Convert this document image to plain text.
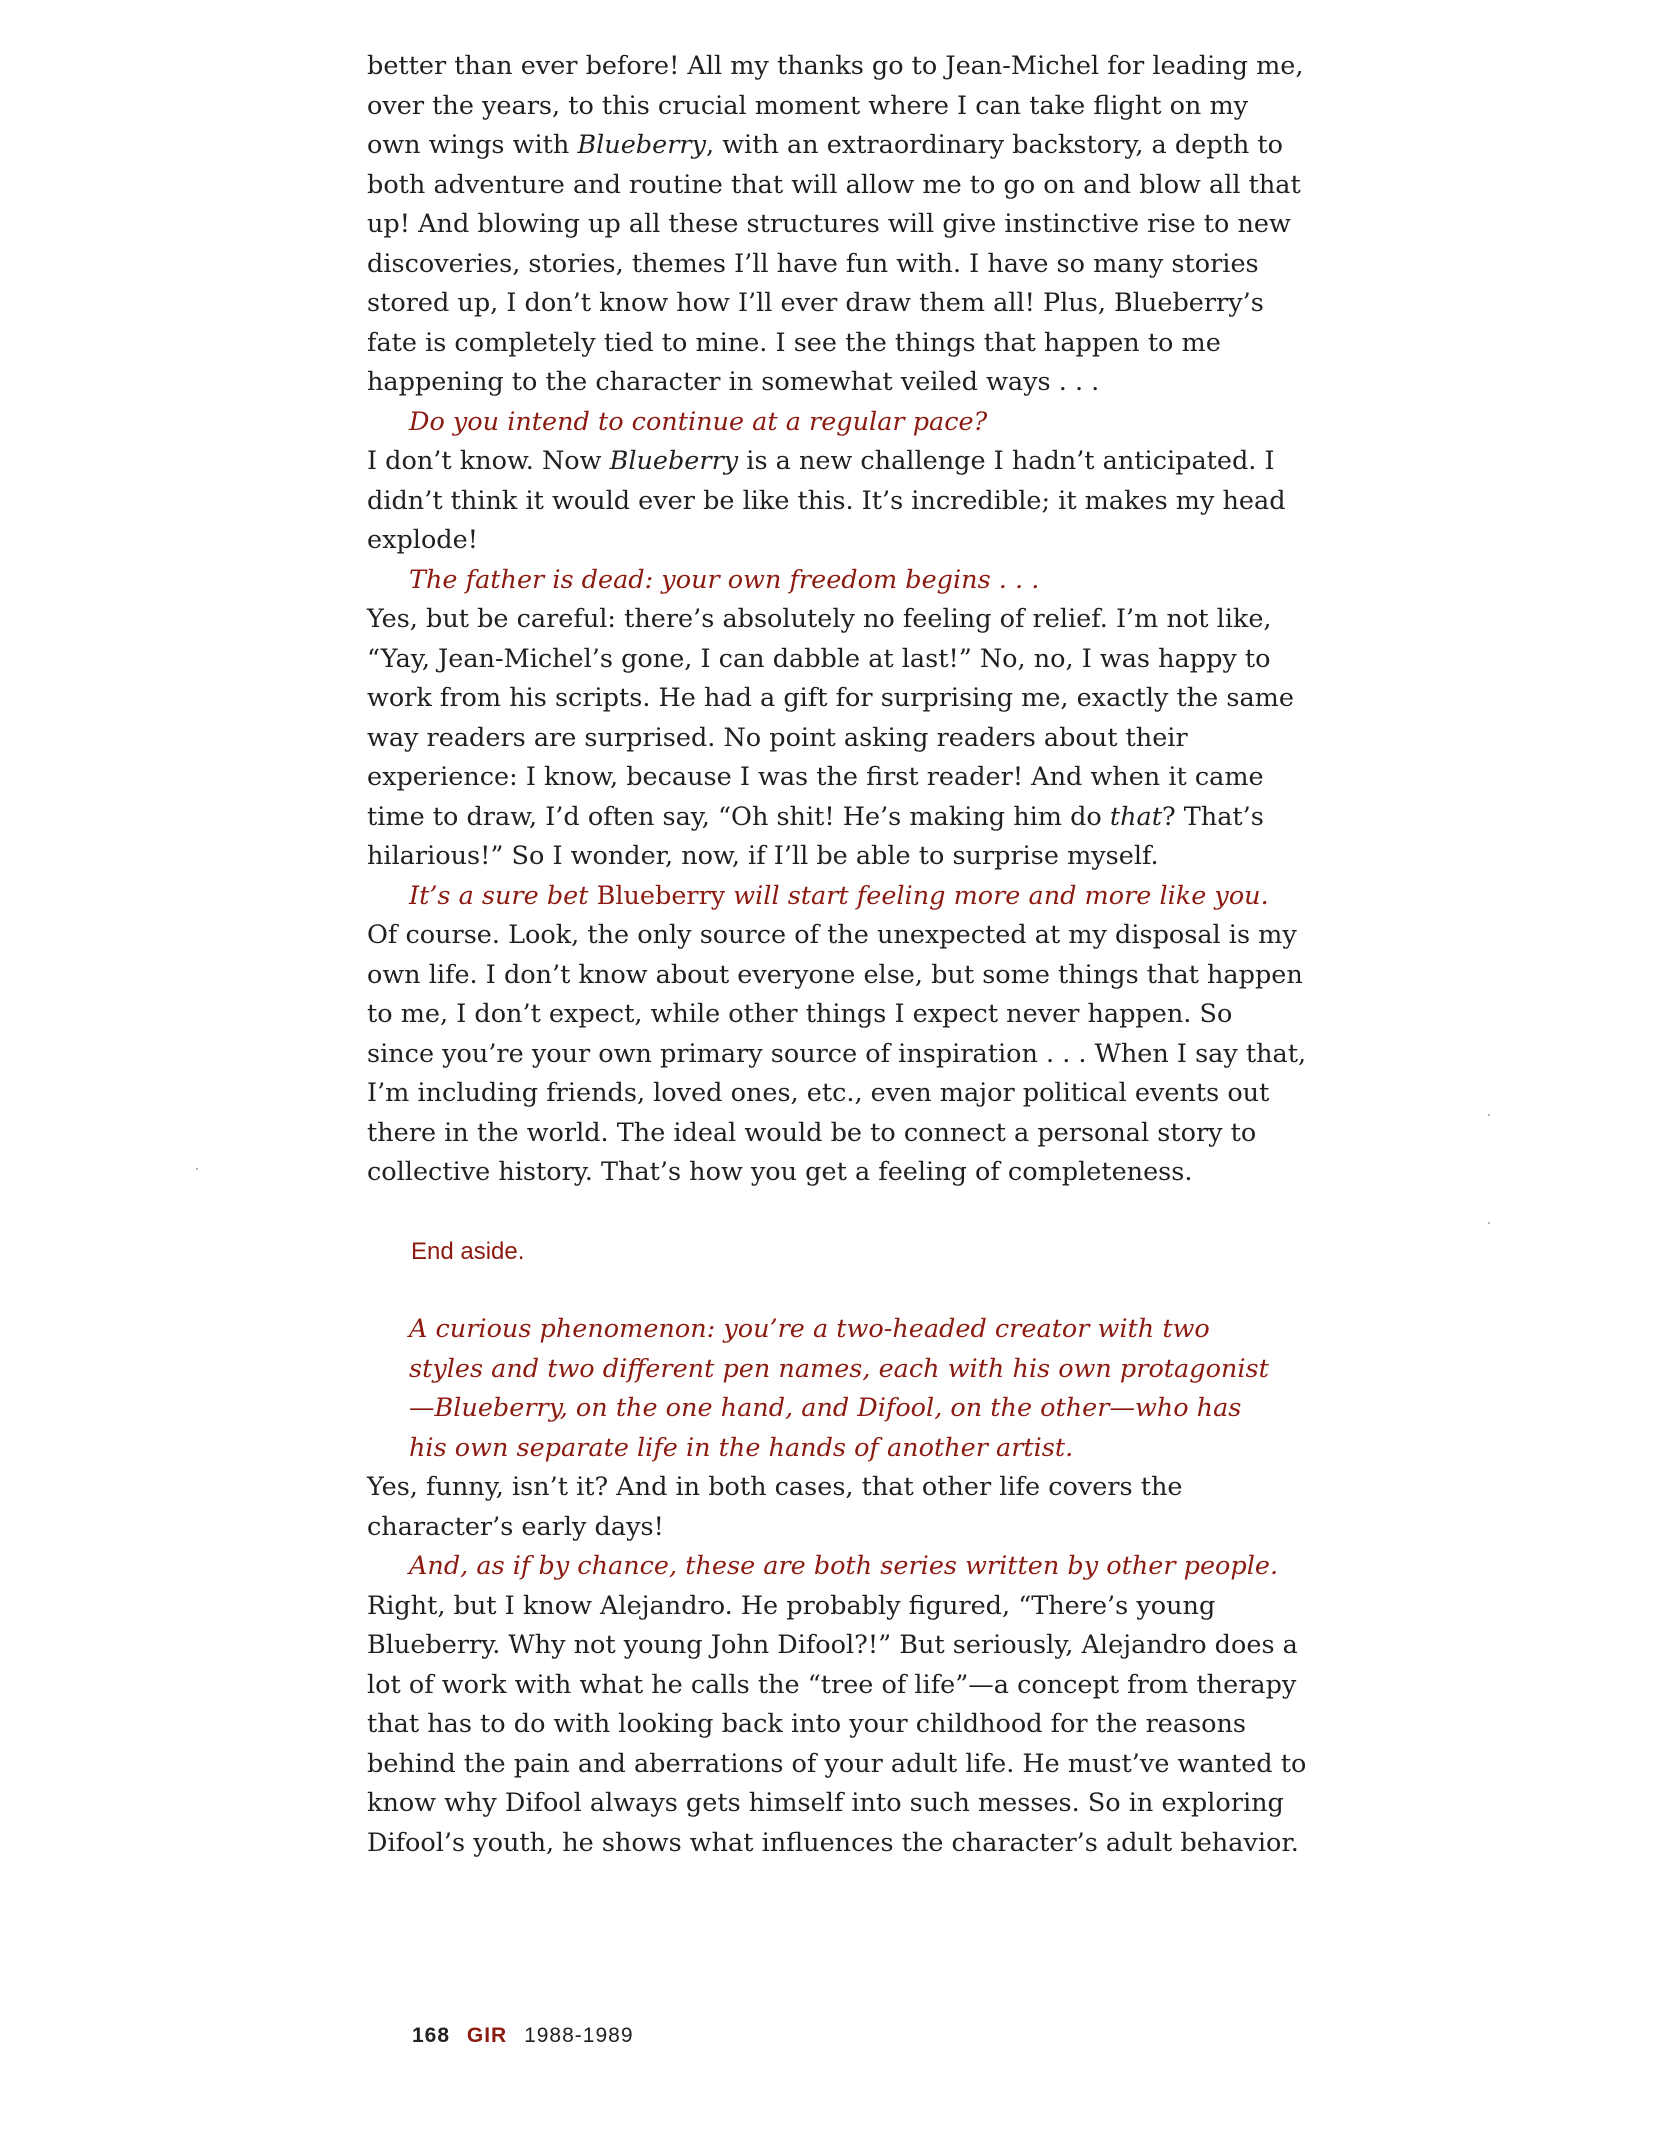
better than ever before! All my thanks go to Jean-Michel for leading me, over the years, to this crucial moment where I can take flight on my own wings with Blueberry, with an extraordinary backstory, a depth to both adventure and routine that will allow me to go on and blow all that up! And blowing up all these structures will give instinctive rise to new discoveries, stories, themes I’ll have fun with. I have so many stories stored up, I don’t know how I’ll ever draw them all! Plus, Blueberry’s fate is completely tied to mine. I see the things that happen to me happening to the character in somewhat veiled ways . . .

Do you intend to continue at a regular pace?

I don’t know. Now Blueberry is a new challenge I hadn’t anticipated. I didn’t think it would ever be like this. It’s incredible; it makes my head explode!

The father is dead: your own freedom begins . . .

Yes, but be careful: there’s absolutely no feeling of relief. I’m not like, “Yay, Jean-Michel’s gone, I can dabble at last!” No, no, I was happy to work from his scripts. He had a gift for surprising me, exactly the same way readers are surprised. No point asking readers about their experience: I know, because I was the first reader! And when it came time to draw, I’d often say, “Oh shit! He’s making him do that? That’s hilarious!” So I wonder, now, if I’ll be able to surprise myself.

It’s a sure bet Blueberry will start feeling more and more like you.

Of course. Look, the only source of the unexpected at my disposal is my own life. I don’t know about everyone else, but some things that happen to me, I don’t expect, while other things I expect never happen. So since you’re your own primary source of inspiration . . . When I say that, I’m including friends, loved ones, etc., even major political events out there in the world. The ideal would be to connect a personal story to collective history. That’s how you get a feeling of completeness.

End aside.

A curious phenomenon: you’re a two-headed creator with two styles and two different pen names, each with his own protagonist—Blueberry, on the one hand, and Difool, on the other—who has his own separate life in the hands of another artist.

Yes, funny, isn’t it? And in both cases, that other life covers the character’s early days!

And, as if by chance, these are both series written by other people.

Right, but I know Alejandro. He probably figured, “There’s young Blueberry. Why not young John Difool?!” But seriously, Alejandro does a lot of work with what he calls the “tree of life”—a concept from therapy that has to do with looking back into your childhood for the reasons behind the pain and aberrations of your adult life. He must’ve wanted to know why Difool always gets himself into such messes. So in exploring Difool’s youth, he shows what influences the character’s adult behavior.

168 GIR 1988-1989
